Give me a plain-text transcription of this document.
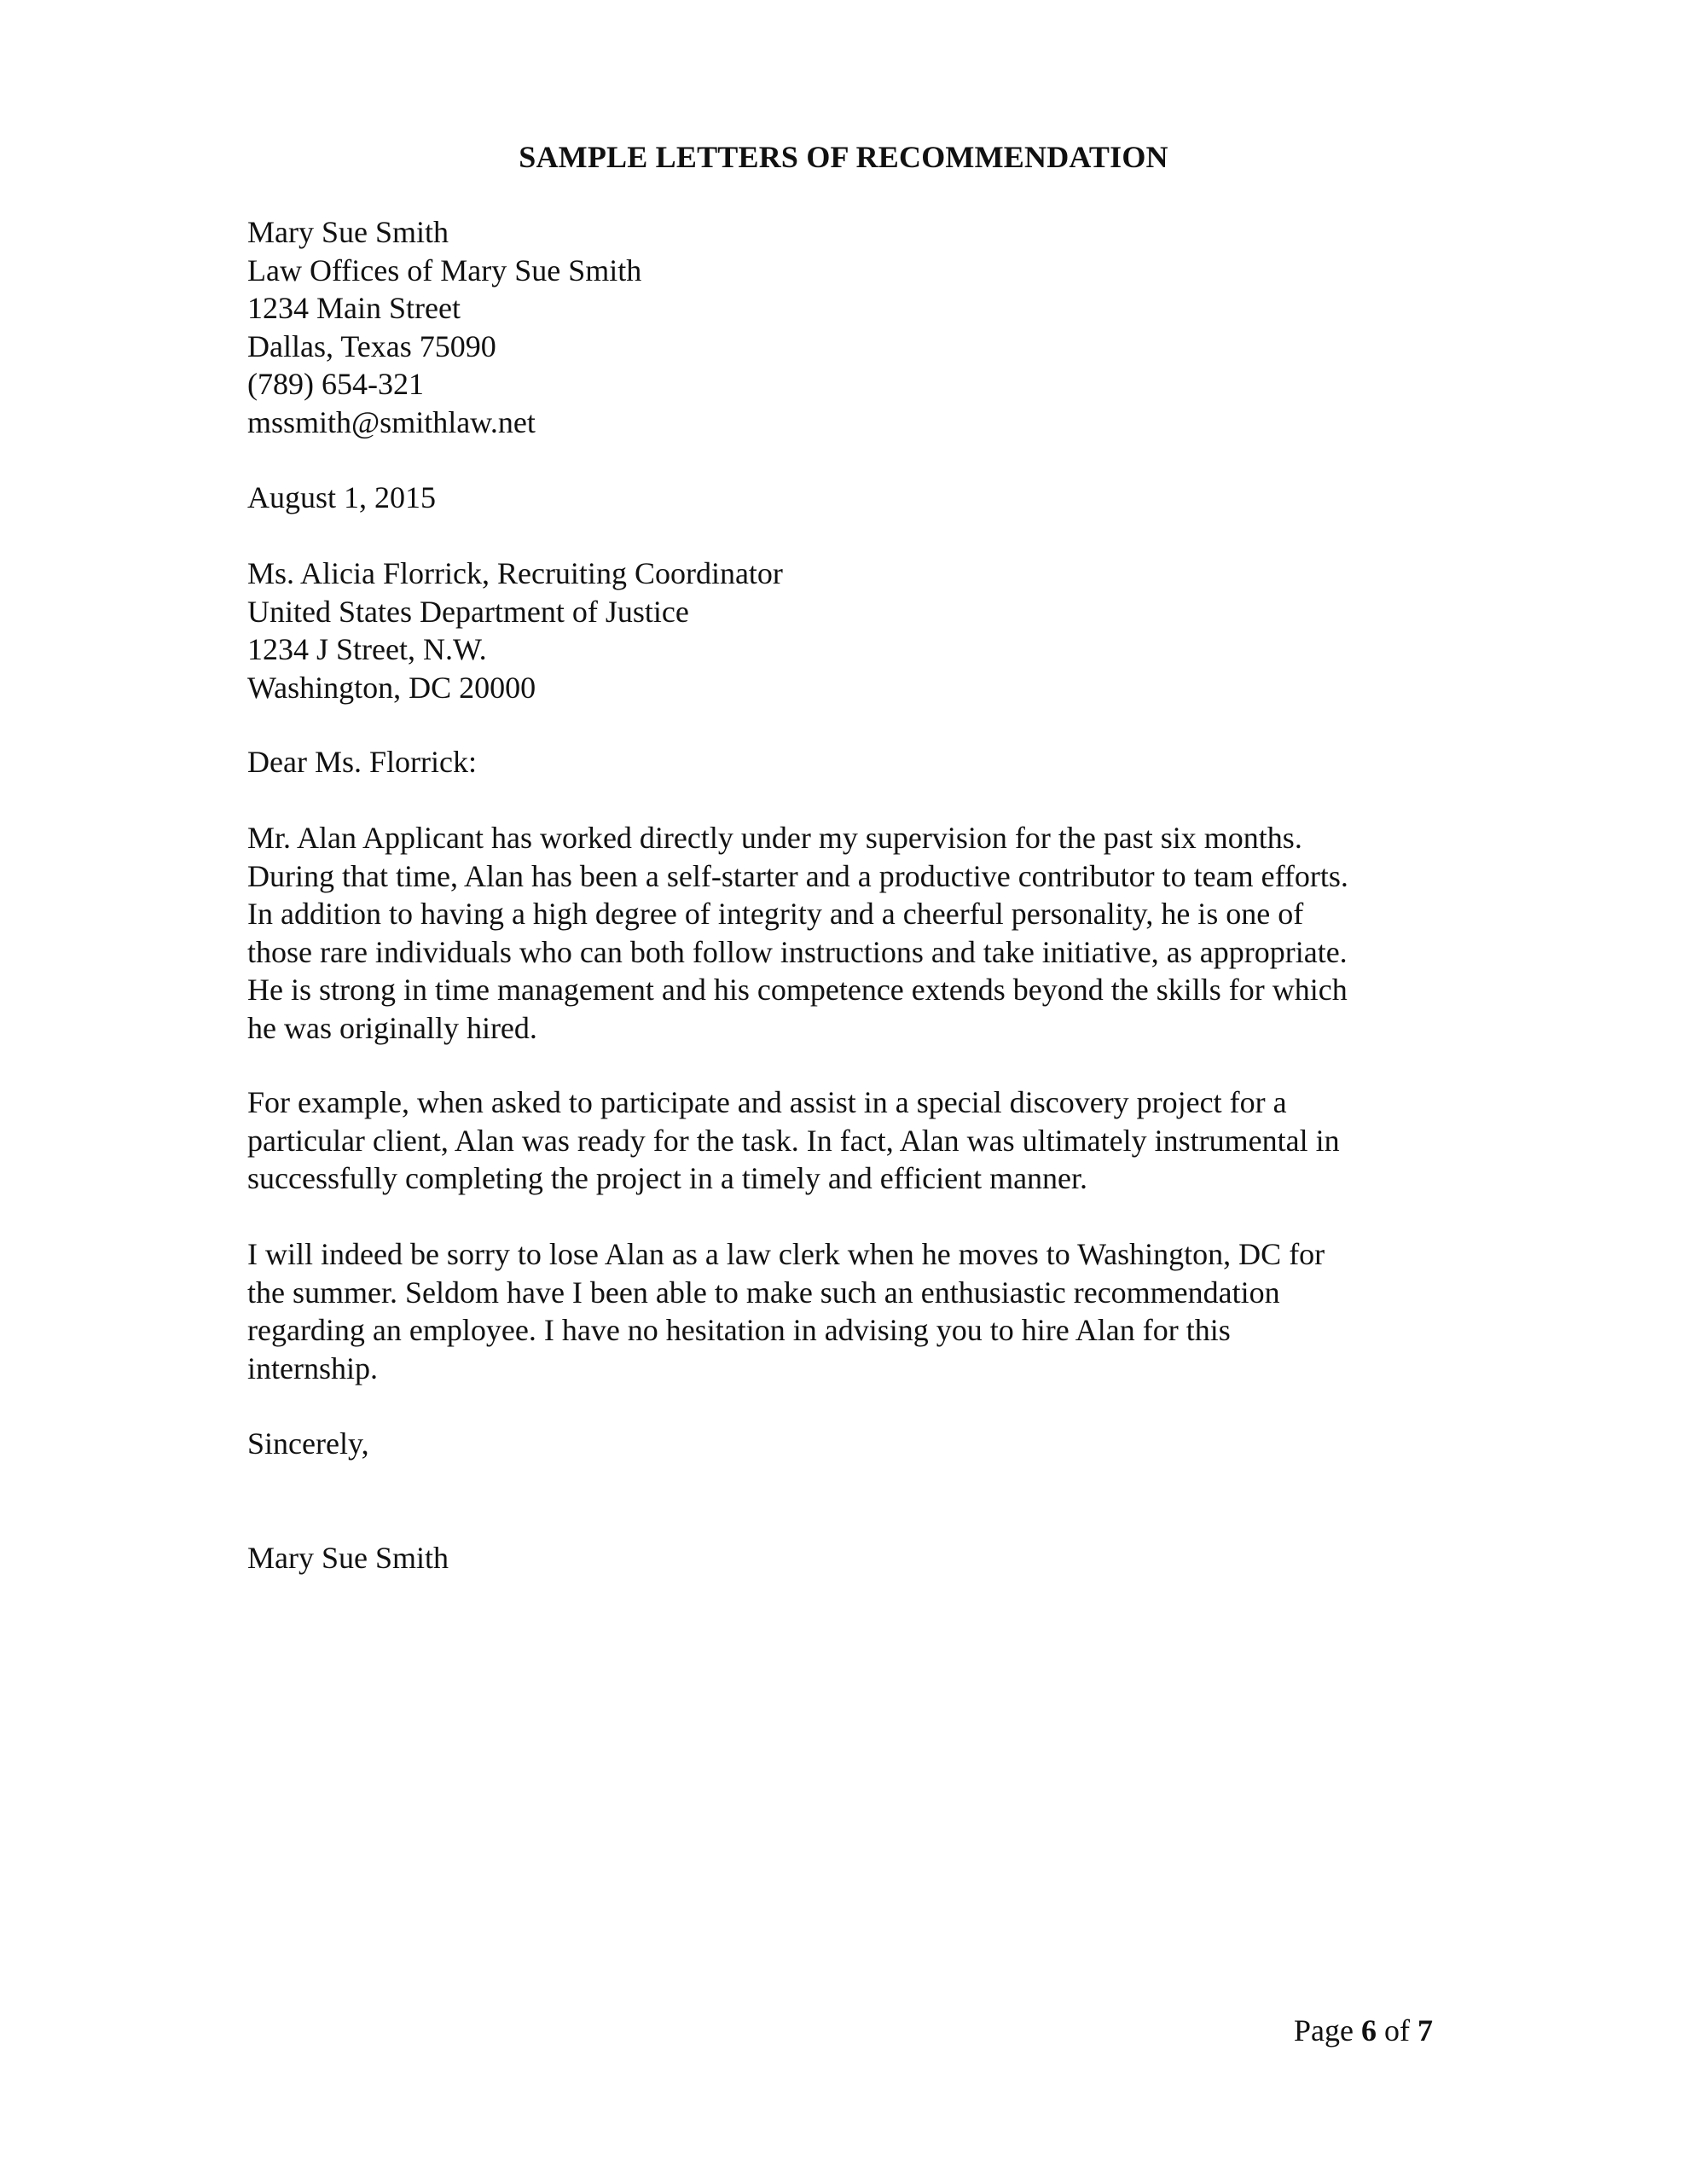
SAMPLE LETTERS OF RECOMMENDATION
Mary Sue Smith
Law Offices of Mary Sue Smith
1234 Main Street
Dallas, Texas 75090
(789) 654-321
mssmith@smithlaw.net
August 1, 2015
Ms. Alicia Florrick, Recruiting Coordinator
United States Department of Justice
1234 J Street, N.W.
Washington, DC 20000
Dear Ms. Florrick:
Mr. Alan Applicant has worked directly under my supervision for the past six months.
During that time, Alan has been a self-starter and a productive contributor to team efforts.
In addition to having a high degree of integrity and a cheerful personality, he is one of
those rare individuals who can both follow instructions and take initiative, as appropriate.
He is strong in time management and his competence extends beyond the skills for which
he was originally hired.
For example, when asked to participate and assist in a special discovery project for a
particular client, Alan was ready for the task. In fact, Alan was ultimately instrumental in
successfully completing the project in a timely and efficient manner.
I will indeed be sorry to lose Alan as a law clerk when he moves to Washington, DC for
the summer. Seldom have I been able to make such an enthusiastic recommendation
regarding an employee. I have no hesitation in advising you to hire Alan for this
internship.
Sincerely,
Mary Sue Smith
Page 6 of 7
